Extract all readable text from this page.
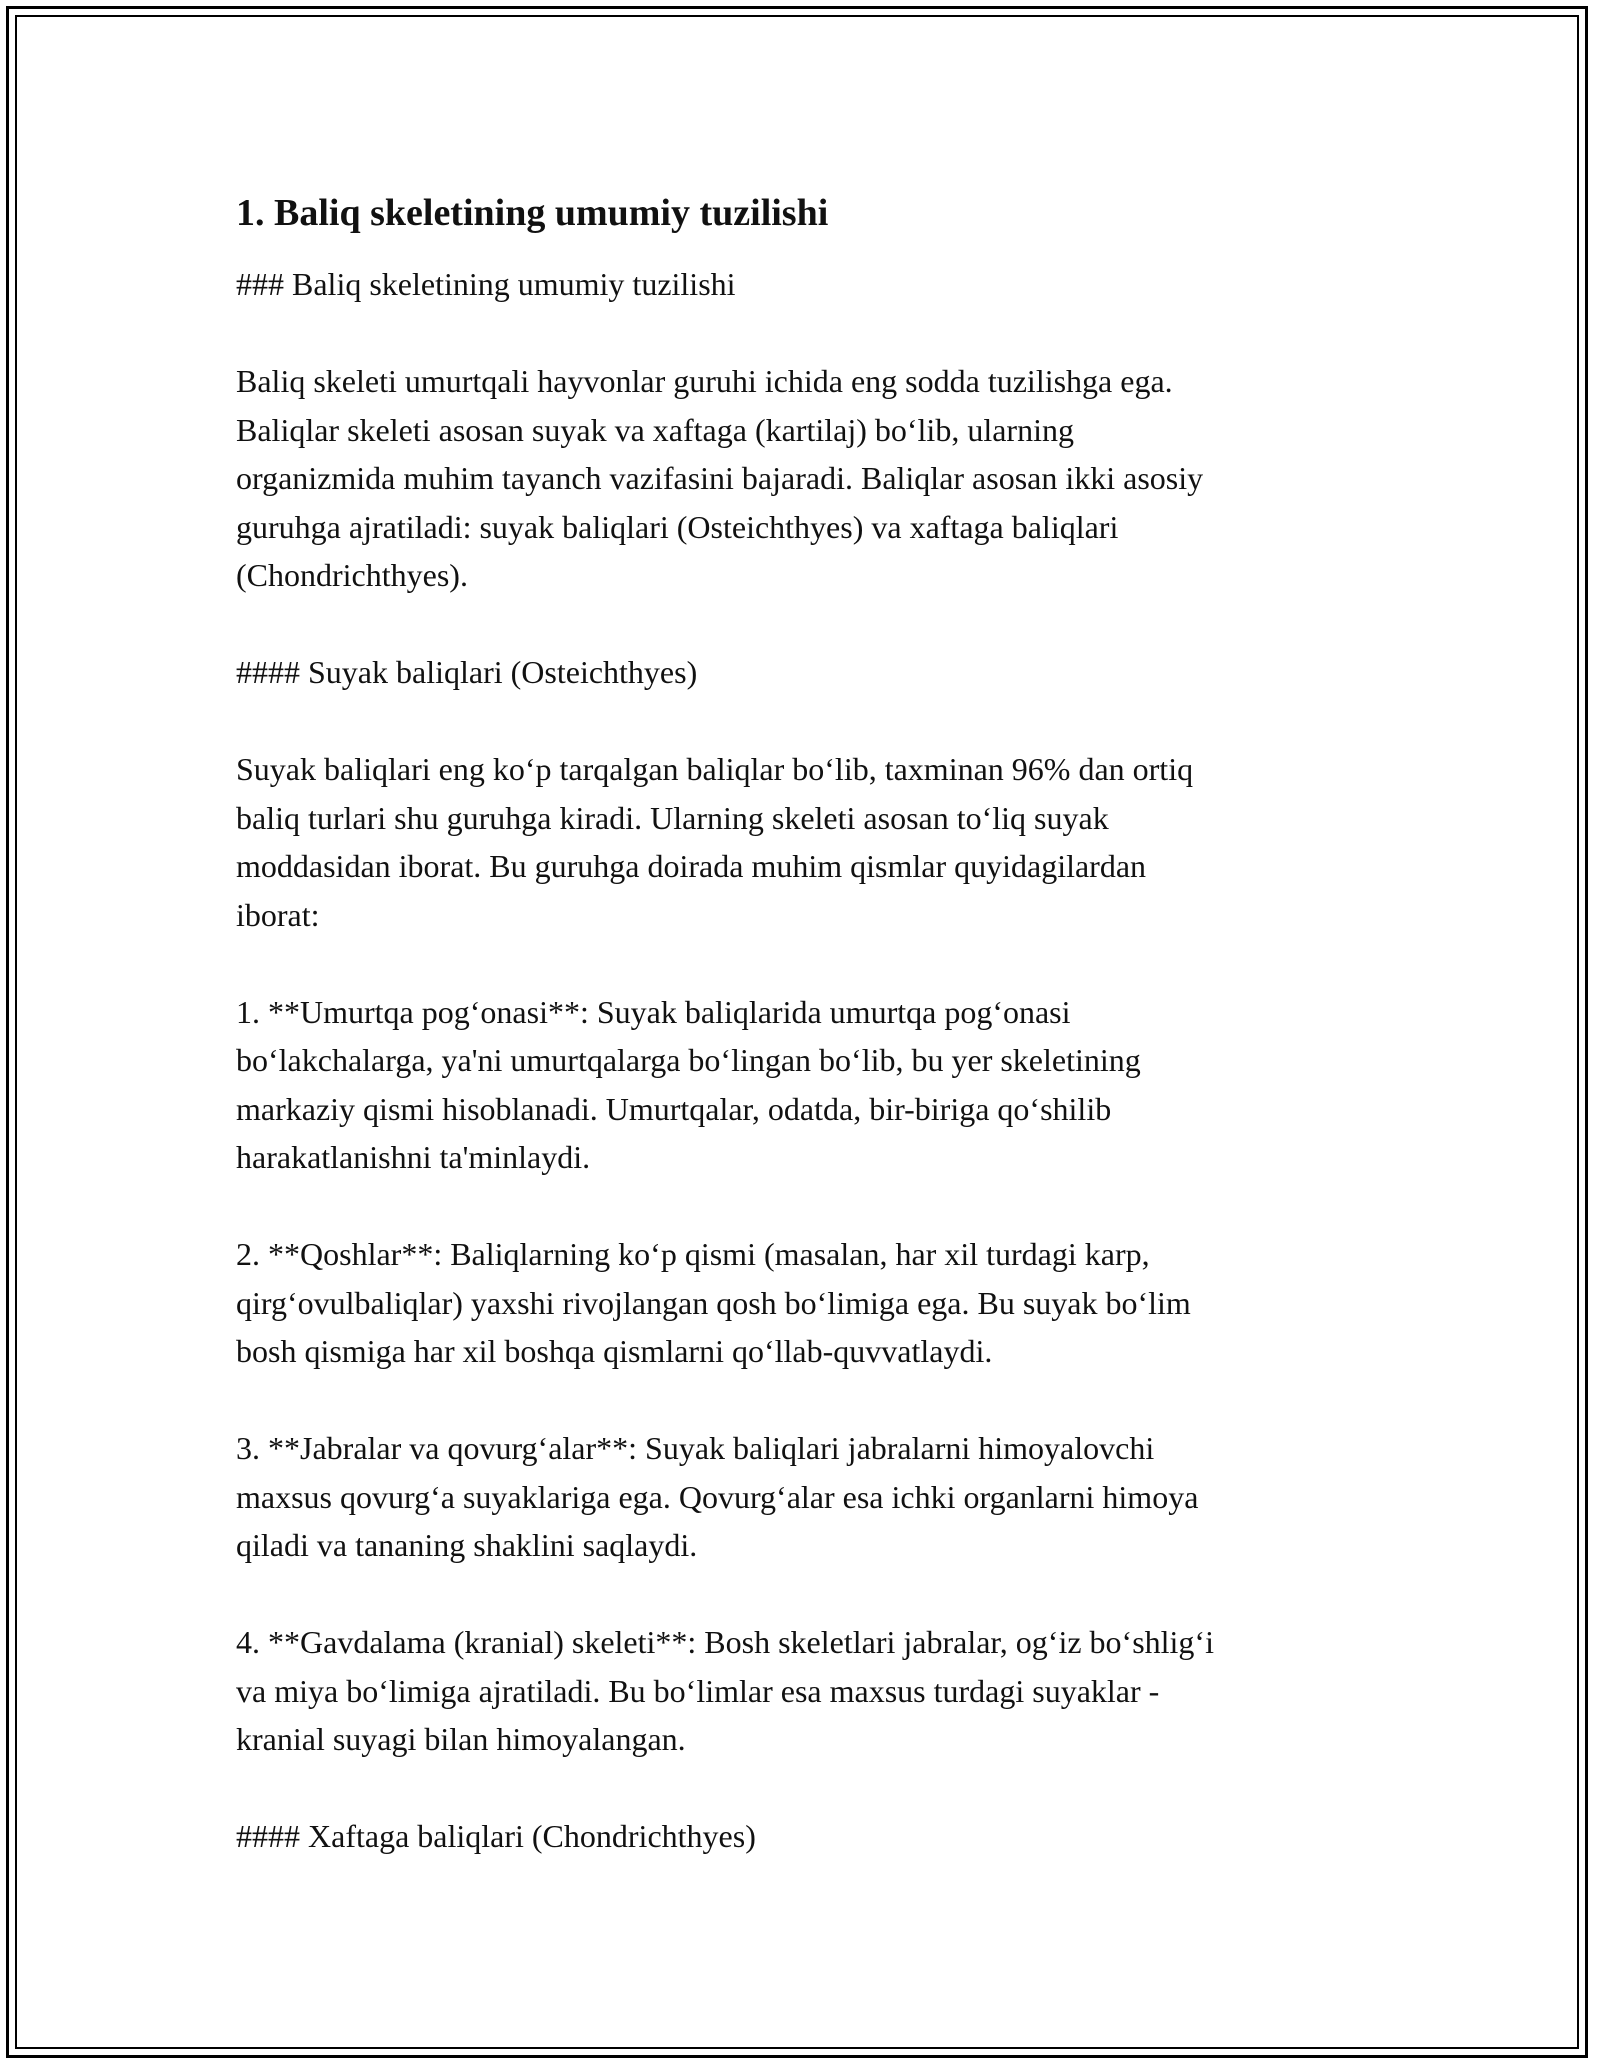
1. Baliq skeletining umumiy tuzilishi
### Baliq skeletining umumiy tuzilishi
Baliq skeleti umurtqali hayvonlar guruhi ichida eng sodda tuzilishga ega.
Baliqlar skeleti asosan suyak va xaftaga (kartilaj) bo‘lib, ularning
organizmida muhim tayanch vazifasini bajaradi. Baliqlar asosan ikki asosiy
guruhga ajratiladi: suyak baliqlari (Osteichthyes) va xaftaga baliqlari
(Chondrichthyes).
#### Suyak baliqlari (Osteichthyes)
Suyak baliqlari eng ko‘p tarqalgan baliqlar bo‘lib, taxminan 96% dan ortiq
baliq turlari shu guruhga kiradi. Ularning skeleti asosan to‘liq suyak
moddasidan iborat. Bu guruhga doirada muhim qismlar quyidagilardan
iborat:
1. **Umurtqa pog‘onasi**: Suyak baliqlarida umurtqa pog‘onasi
bo‘lakchalarga, ya'ni umurtqalarga bo‘lingan bo‘lib, bu yer skeletining
markaziy qismi hisoblanadi. Umurtqalar, odatda, bir-biriga qo‘shilib
harakatlanishni ta'minlaydi.
2. **Qoshlar**: Baliqlarning ko‘p qismi (masalan, har xil turdagi karp,
qirg‘ovulbaliqlar) yaxshi rivojlangan qosh bo‘limiga ega. Bu suyak bo‘lim
bosh qismiga har xil boshqa qismlarni qo‘llab-quvvatlaydi.
3. **Jabralar va qovurg‘alar**: Suyak baliqlari jabralarni himoyalovchi
maxsus qovurg‘a suyaklariga ega. Qovurg‘alar esa ichki organlarni himoya
qiladi va tananing shaklini saqlaydi.
4. **Gavdalama (kranial) skeleti**: Bosh skeletlari jabralar, og‘iz bo‘shlig‘i
va miya bo‘limiga ajratiladi. Bu bo‘limlar esa maxsus turdagi suyaklar -
kranial suyagi bilan himoyalangan.
#### Xaftaga baliqlari (Chondrichthyes)
